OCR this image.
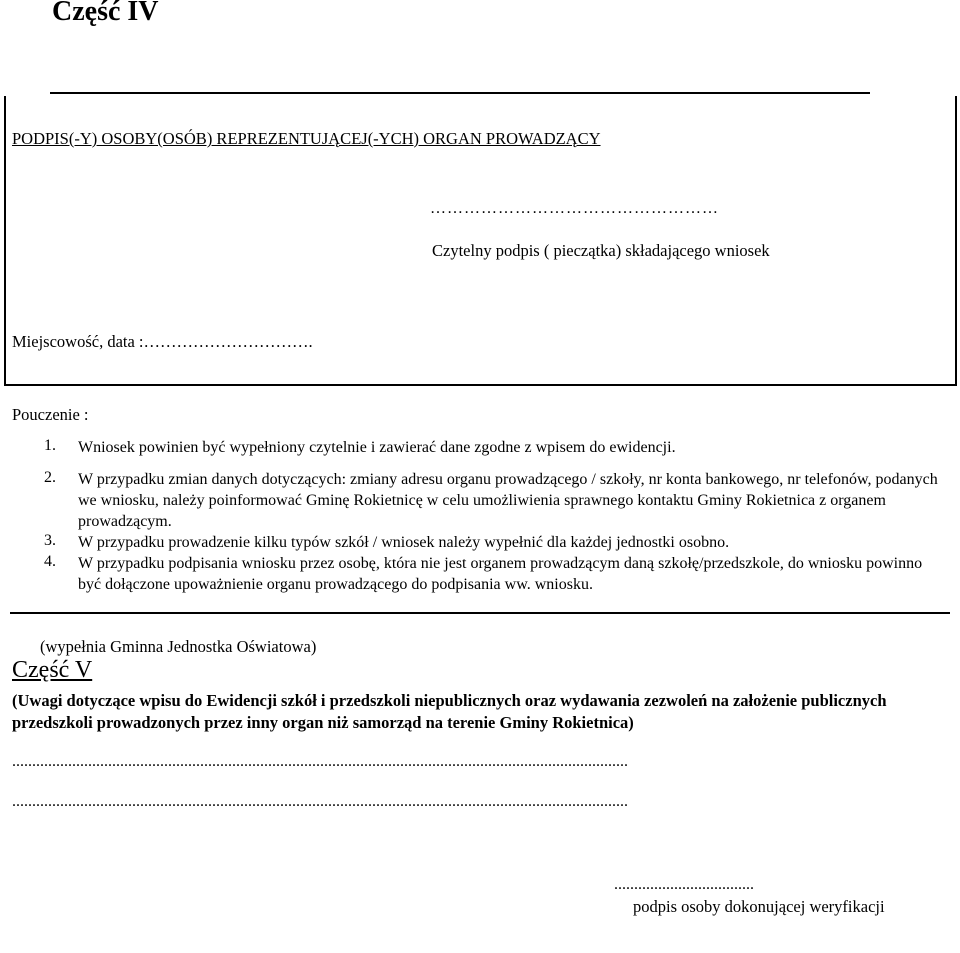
Część IV
PODPIS(-Y) OSOBY(OSÓB) REPREZENTUJĄCEJ(-YCH) ORGAN PROWADZĄCY
……………………………………………
Czytelny podpis ( pieczątka) składającego wniosek
Miejscowość, data :………………………….
Pouczenie :
1. Wniosek powinien być wypełniony czytelnie i zawierać dane zgodne z wpisem do ewidencji.
2. W przypadku zmian danych dotyczących: zmiany adresu organu prowadzącego / szkoły, nr konta bankowego, nr telefonów, podanych we wniosku, należy poinformować Gminę Rokietnicę w celu umożliwienia sprawnego kontaktu Gminy Rokietnica z organem prowadzącym.
3. W przypadku prowadzenie kilku typów szkół / wniosek należy wypełnić dla każdej jednostki osobno.
4. W przypadku podpisania wniosku przez osobę, która nie jest organem prowadzącym daną szkołę/przedszkole, do wniosku powinno być dołączone upoważnienie organu prowadzącego do podpisania ww. wniosku.
(wypełnia Gminna Jednostka Oświatowa)
Część V
(Uwagi dotyczące wpisu do Ewidencji szkół i przedszkoli niepublicznych oraz wydawania zezwoleń na założenie publicznych przedszkoli prowadzonych przez inny organ niż samorząd na terenie Gminy Rokietnica)
..........................................................................................................................................................
..........................................................................................................................................................
...................................
podpis osoby dokonującej weryfikacji
